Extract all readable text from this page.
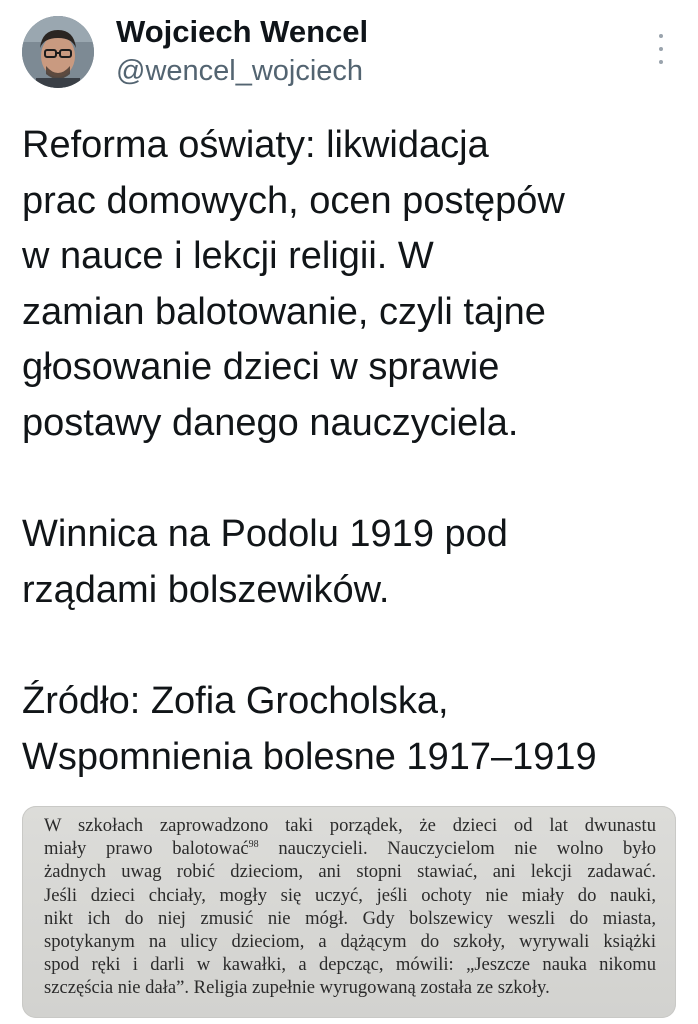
Wojciech Wencel
@wencel_wojciech

Reforma oświaty: likwidacja
prac domowych, ocen postępów
w nauce i lekcji religii. W
zamian balotowanie, czyli tajne
głosowanie dzieci w sprawie
postawy danego nauczyciela.

Winnica na Podolu 1919 pod
rządami bolszewików.

Źródło: Zofia Grocholska,
Wspomnienia bolesne 1917–1919

W szkołach zaprowadzono taki porządek, że dzieci od lat dwunastu
miały prawo balotować$^{98}$ nauczycieli. Nauczycielom nie wolno było
żadnych uwag robić dzieciom, ani stopni stawiać, ani lekcji zadawać.
Jeśli dzieci chciały, mogły się uczyć, jeśli ochoty nie miały do nauki,
nikt ich do niej zmusić nie mógł. Gdy bolszewicy weszli do miasta,
spotykanym na ulicy dzieciom, a dążącym do szkoły, wyrywali książki
spod ręki i darli w kawałki, a depcząc, mówili: „Jeszcze nauka nikomu
szczęścia nie dała”. Religia zupełnie wyrugowaną została ze szkoły.
